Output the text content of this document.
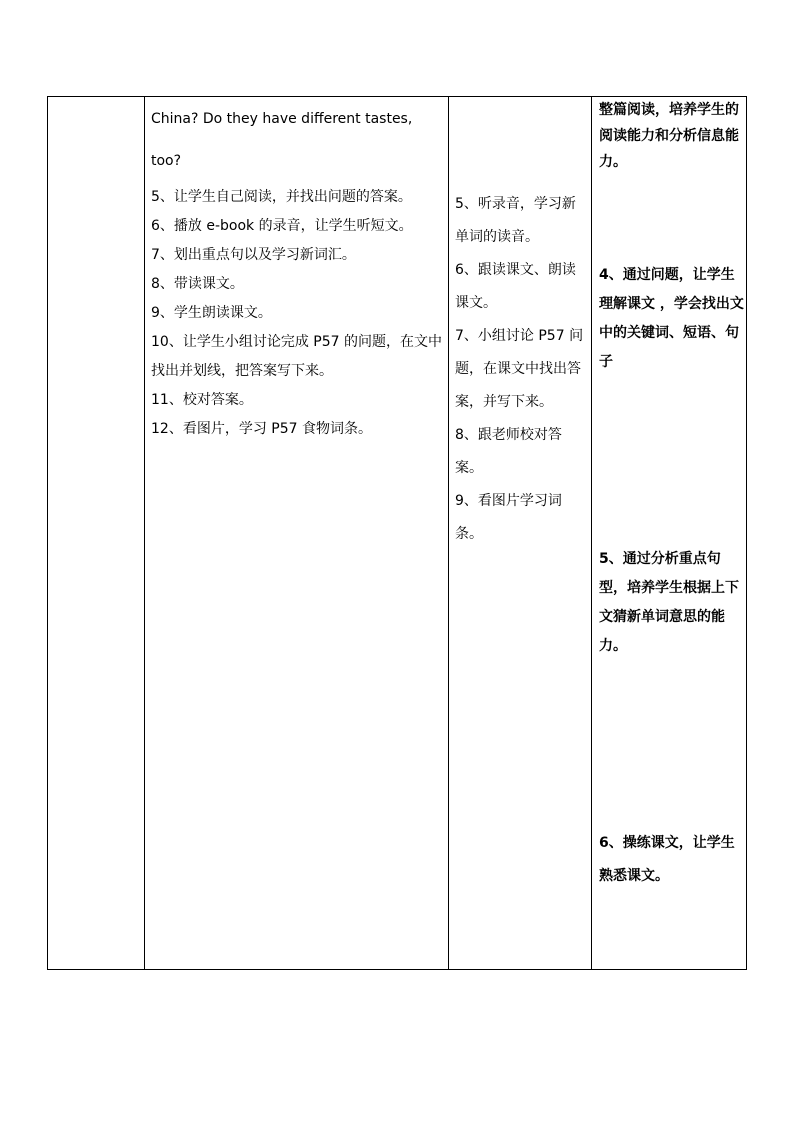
China? Do they have different tastes,
too?
5、让学生自己阅读，并找出问题的答案。
6、播放 e-book 的录音，让学生听短文。
7、划出重点句以及学习新词汇。
8、带读课文。
9、学生朗读课文。
10、让学生小组讨论完成 P57 的问题，在文中找出并划线，把答案写下来。
11、校对答案。
12、看图片，学习 P57 食物词条。
5、听录音，学习新单词的读音。
6、跟读课文、朗读课文。
7、小组讨论 P57 问题，在课文中找出答案，并写下来。
8、跟老师校对答案。
9、看图片学习词条。

整篇阅读，培养学生的阅读能力和分析信息能力。

4、通过问题，让学生理解课文 ，学会找出文中的关键词、短语、句子

5、通过分析重点句型，培养学生根据上下文猜新单词意思的能力。

6、操练课文，让学生熟悉课文。
